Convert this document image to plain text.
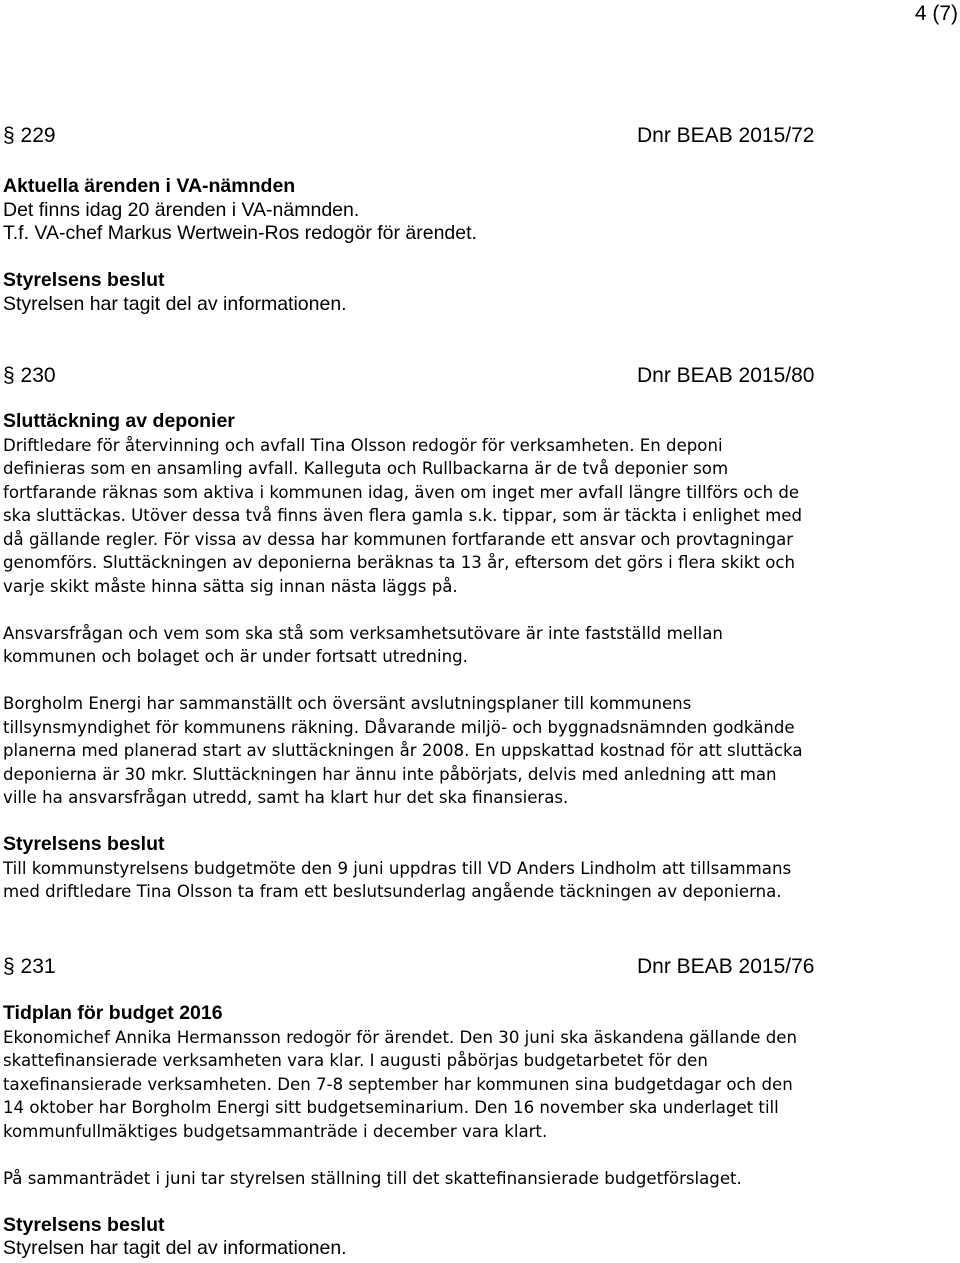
4 (7)
§ 229	Dnr BEAB 2015/72

Aktuella ärenden i VA-nämnden

Det finns idag 20 ärenden i VA-nämnden.

T.f. VA-chef Markus Wertwein-Ros redogör för ärendet.

Styrelsens beslut

Styrelsen har tagit del av informationen.

§ 230	Dnr BEAB 2015/80

Sluttäckning av deponier

Driftledare för återvinning och avfall Tina Olsson redogör för verksamheten. En deponi

definieras som en ansamling avfall. Kalleguta och Rullbackarna är de två deponier som

fortfarande räknas som aktiva i kommunen idag, även om inget mer avfall längre tillförs och de

ska sluttäckas. Utöver dessa två finns även flera gamla s.k. tippar, som är täckta i enlighet med

då gällande regler. För vissa av dessa har kommunen fortfarande ett ansvar och provtagningar

genomförs. Sluttäckningen av deponierna beräknas ta 13 år, eftersom det görs i flera skikt och

varje skikt måste hinna sätta sig innan nästa läggs på.

Ansvarsfrågan och vem som ska stå som verksamhetsutövare är inte fastställd mellan

kommunen och bolaget och är under fortsatt utredning.

Borgholm Energi har sammanställt och översänt avslutningsplaner till kommunens

tillsynsmyndighet för kommunens räkning. Dåvarande miljö- och byggnadsnämnden godkände

planerna med planerad start av sluttäckningen år 2008. En uppskattad kostnad för att sluttäcka

deponierna är 30 mkr. Sluttäckningen har ännu inte påbörjats, delvis med anledning att man

ville ha ansvarsfrågan utredd, samt ha klart hur det ska finansieras.

Styrelsens beslut

Till kommunstyrelsens budgetmöte den 9 juni uppdras till VD Anders Lindholm att tillsammans

med driftledare Tina Olsson ta fram ett beslutsunderlag angående täckningen av deponierna.

§ 231	Dnr BEAB 2015/76

Tidplan för budget 2016

Ekonomichef Annika Hermansson redogör för ärendet. Den 30 juni ska äskandena gällande den

skattefinansierade verksamheten vara klar. I augusti påbörjas budgetarbetet för den

taxefinansierade verksamheten. Den 7-8 september har kommunen sina budgetdagar och den

14 oktober har Borgholm Energi sitt budgetseminarium. Den 16 november ska underlaget till

kommunfullmäktiges budgetsammanträde i december vara klart.

På sammanträdet i juni tar styrelsen ställning till det skattefinansierade budgetförslaget.

Styrelsens beslut

Styrelsen har tagit del av informationen.
